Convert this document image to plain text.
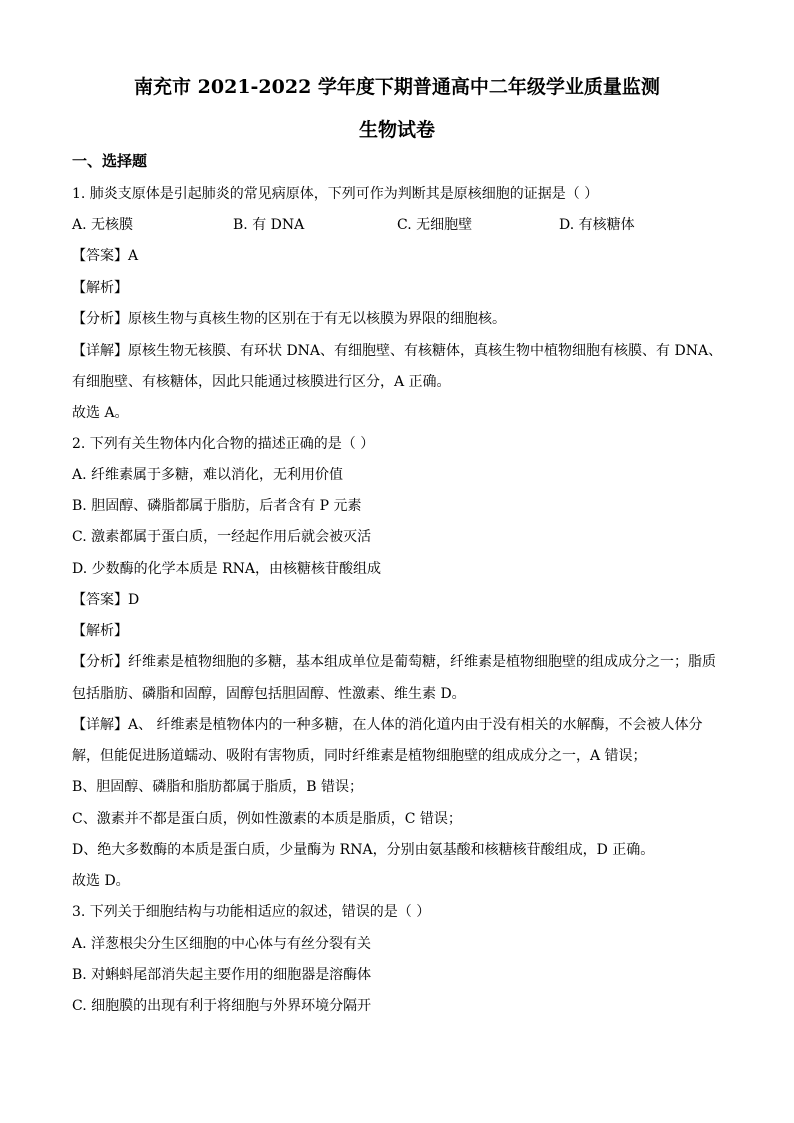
南充市 2021-2022 学年度下期普通高中二年级学业质量监测
生物试卷
一、选择题
1. 肺炎支原体是引起肺炎的常见病原体，下列可作为判断其是原核细胞的证据是（ ）
A. 无核膜	B. 有 DNA	C. 无细胞壁	D. 有核糖体
【答案】A
【解析】
【分析】原核生物与真核生物的区别在于有无以核膜为界限的细胞核。
【详解】原核生物无核膜、有环状 DNA、有细胞壁、有核糖体，真核生物中植物细胞有核膜、有 DNA、
有细胞壁、有核糖体，因此只能通过核膜进行区分，A 正确。
故选 A。
2. 下列有关生物体内化合物的描述正确的是（ ）
A. 纤维素属于多糖，难以消化，无利用价值
B. 胆固醇、磷脂都属于脂肪，后者含有 P 元素
C. 激素都属于蛋白质，一经起作用后就会被灭活
D. 少数酶的化学本质是 RNA，由核糖核苷酸组成
【答案】D
【解析】
【分析】纤维素是植物细胞的多糖，基本组成单位是葡萄糖，纤维素是植物细胞壁的组成成分之一；脂质
包括脂肪、磷脂和固醇，固醇包括胆固醇、性激素、维生素 D。
【详解】A、 纤维素是植物体内的一种多糖，在人体的消化道内由于没有相关的水解酶，不会被人体分
解，但能促进肠道蠕动、吸附有害物质，同时纤维素是植物细胞壁的组成成分之一，A 错误；
B、胆固醇、磷脂和脂肪都属于脂质，B 错误；
C、激素并不都是蛋白质，例如性激素的本质是脂质，C 错误；
D、绝大多数酶的本质是蛋白质，少量酶为 RNA，分别由氨基酸和核糖核苷酸组成，D 正确。
故选 D。
3. 下列关于细胞结构与功能相适应的叙述，错误的是（ ）
A. 洋葱根尖分生区细胞的中心体与有丝分裂有关
B. 对蝌蚪尾部消失起主要作用的细胞器是溶酶体
C. 细胞膜的出现有利于将细胞与外界环境分隔开
